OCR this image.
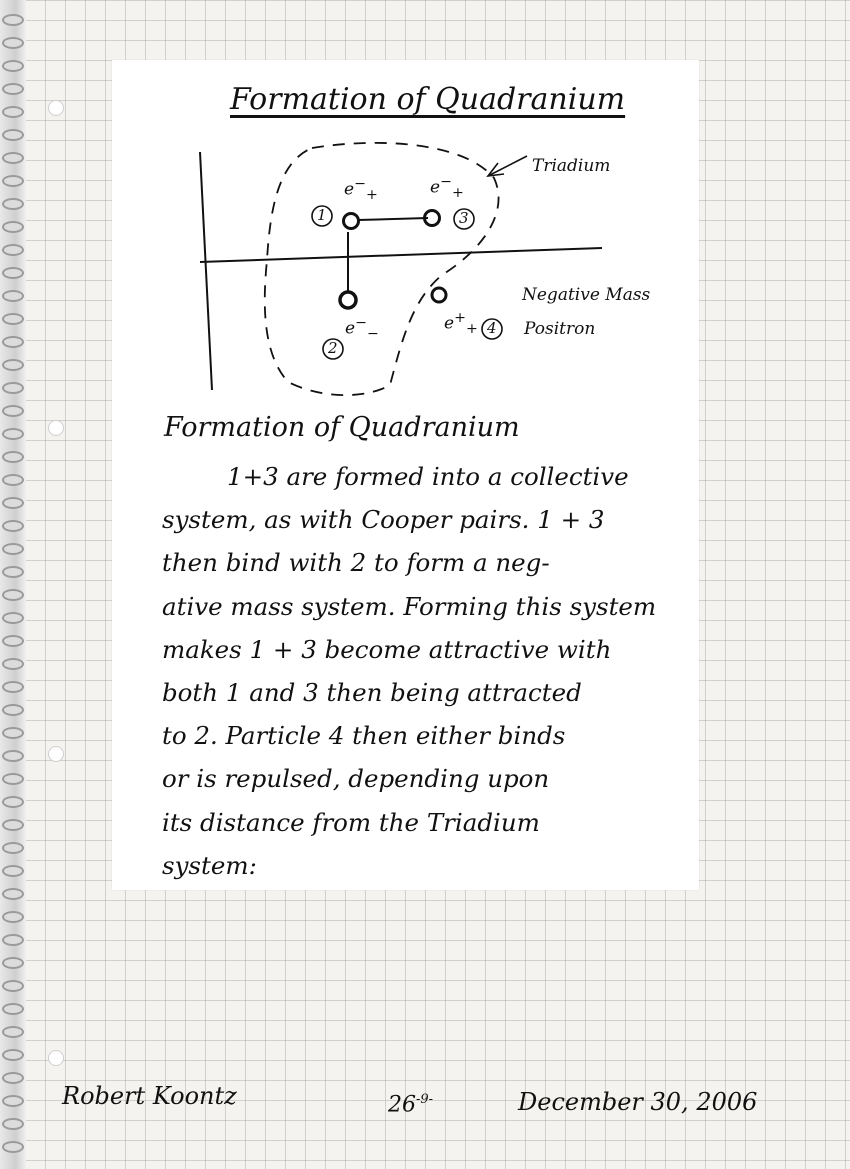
Formation of Quadranium
Triadium
1	3
2
4
$e^-_+$	$e^-_+$
$e^-_-$
$e^+_+$
Negative Mass
Positron
Formation of Quadranium
1+3 are formed into a collective
system, as with Cooper pairs. 1 + 3
then bind with 2 to form a neg-
ative mass system. Forming this system
makes 1 + 3 become attractive with
both 1 and 3 then being attracted
to 2. Particle 4 then either binds
or is repulsed, depending upon
its distance from the Triadium
system:
Robert Koontz	$26^{-9-}$	December 30, 2006
